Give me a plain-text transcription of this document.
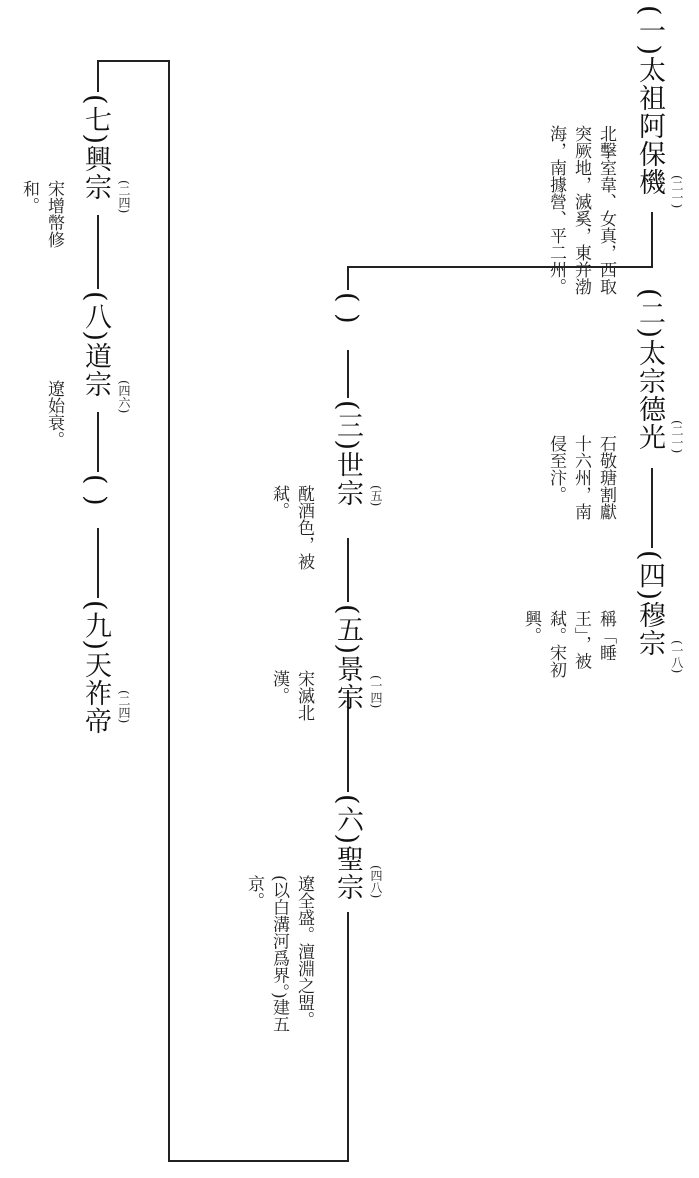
(一)太祖阿保機 (二一)
北擊室韋、女真，西取突厥地，滅奚，東并渤海，南據營、平二州。
(二)太宗德光 (二一)
石敬瑭割獻十六州，南侵至汴。
(四)穆宗 (一八)
稱「睡王」，被弒。宋初興。
( )
(三)世宗 (五)
酖酒色，被弒。
(五)景宗 (一四)
宋滅北漢。
(六)聖宗 (四八)
遼全盛。澶淵之盟。(以白溝河爲界。)建五京。
(七)興宗 (二四)
宋增幣修和。
(八)道宗 (四六)
遼始衰。
( )
(九)天祚帝 (二四)
